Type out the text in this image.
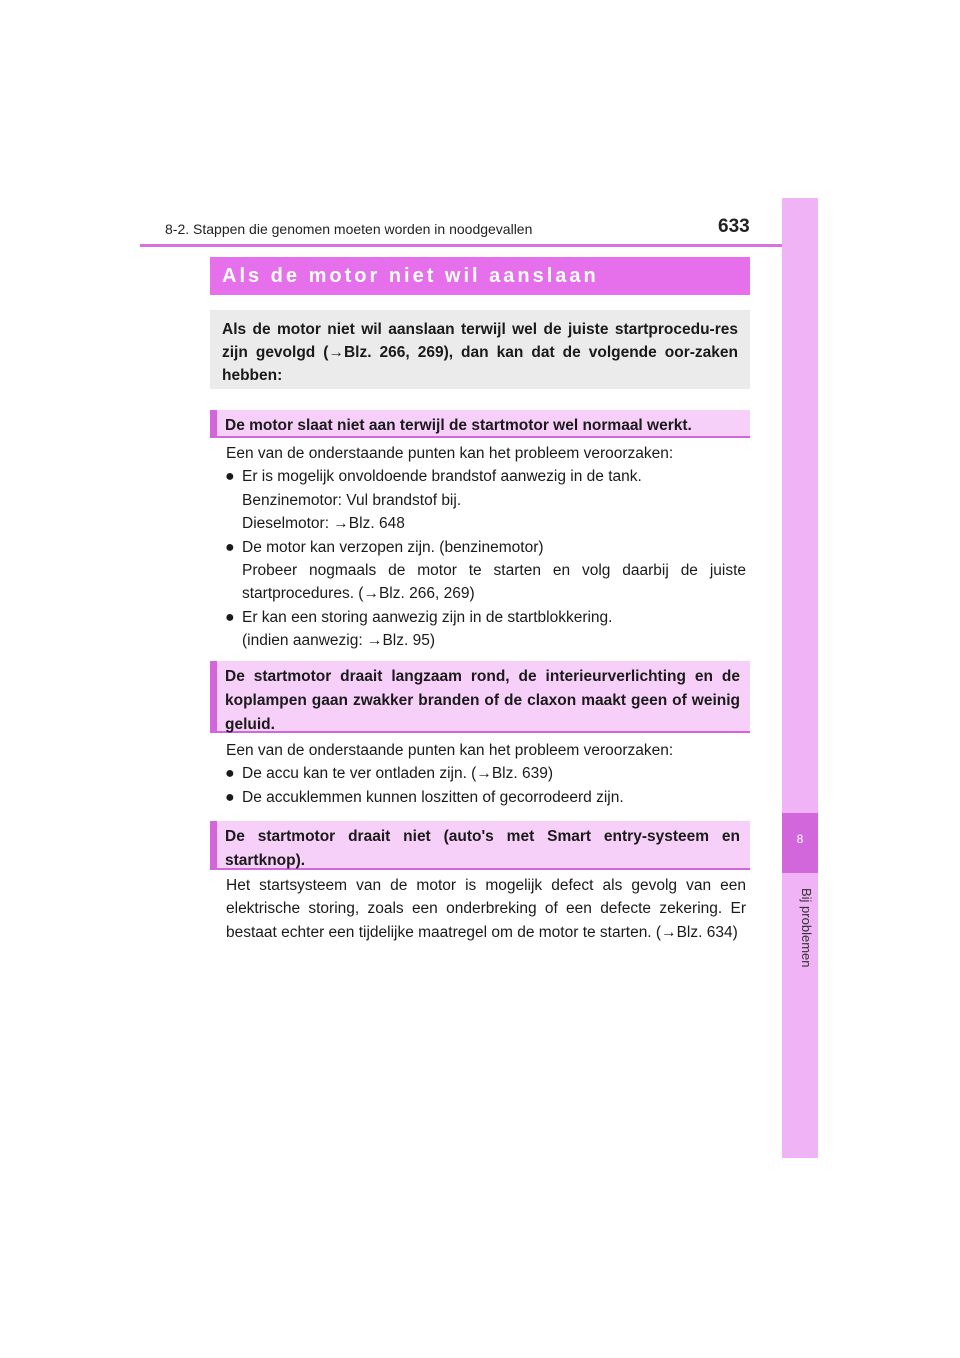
8-2. Stappen die genomen moeten worden in noodgevallen	633
8
Bij problemen
Als de motor niet wil aanslaan
Als de motor niet wil aanslaan terwijl wel de juiste startprocedu-res zijn gevolgd (→Blz. 266, 269), dan kan dat de volgende oor-zaken hebben:
De motor slaat niet aan terwijl de startmotor wel normaal werkt.
Een van de onderstaande punten kan het probleem veroorzaken:
● Er is mogelijk onvoldoende brandstof aanwezig in de tank.
Benzinemotor: Vul brandstof bij.
Dieselmotor: →Blz. 648
● De motor kan verzopen zijn. (benzinemotor)
Probeer nogmaals de motor te starten en volg daarbij de juiste startprocedures. (→Blz. 266, 269)
● Er kan een storing aanwezig zijn in de startblokkering.
(indien aanwezig: →Blz. 95)
De startmotor draait langzaam rond, de interieurverlichting en de koplampen gaan zwakker branden of de claxon maakt geen of weinig geluid.
Een van de onderstaande punten kan het probleem veroorzaken:
● De accu kan te ver ontladen zijn. (→Blz. 639)
● De accuklemmen kunnen loszitten of gecorrodeerd zijn.
De startmotor draait niet (auto's met Smart entry-systeem en startknop).
Het startsysteem van de motor is mogelijk defect als gevolg van een elektrische storing, zoals een onderbreking of een defecte zekering. Er bestaat echter een tijdelijke maatregel om de motor te starten. (→Blz. 634)
